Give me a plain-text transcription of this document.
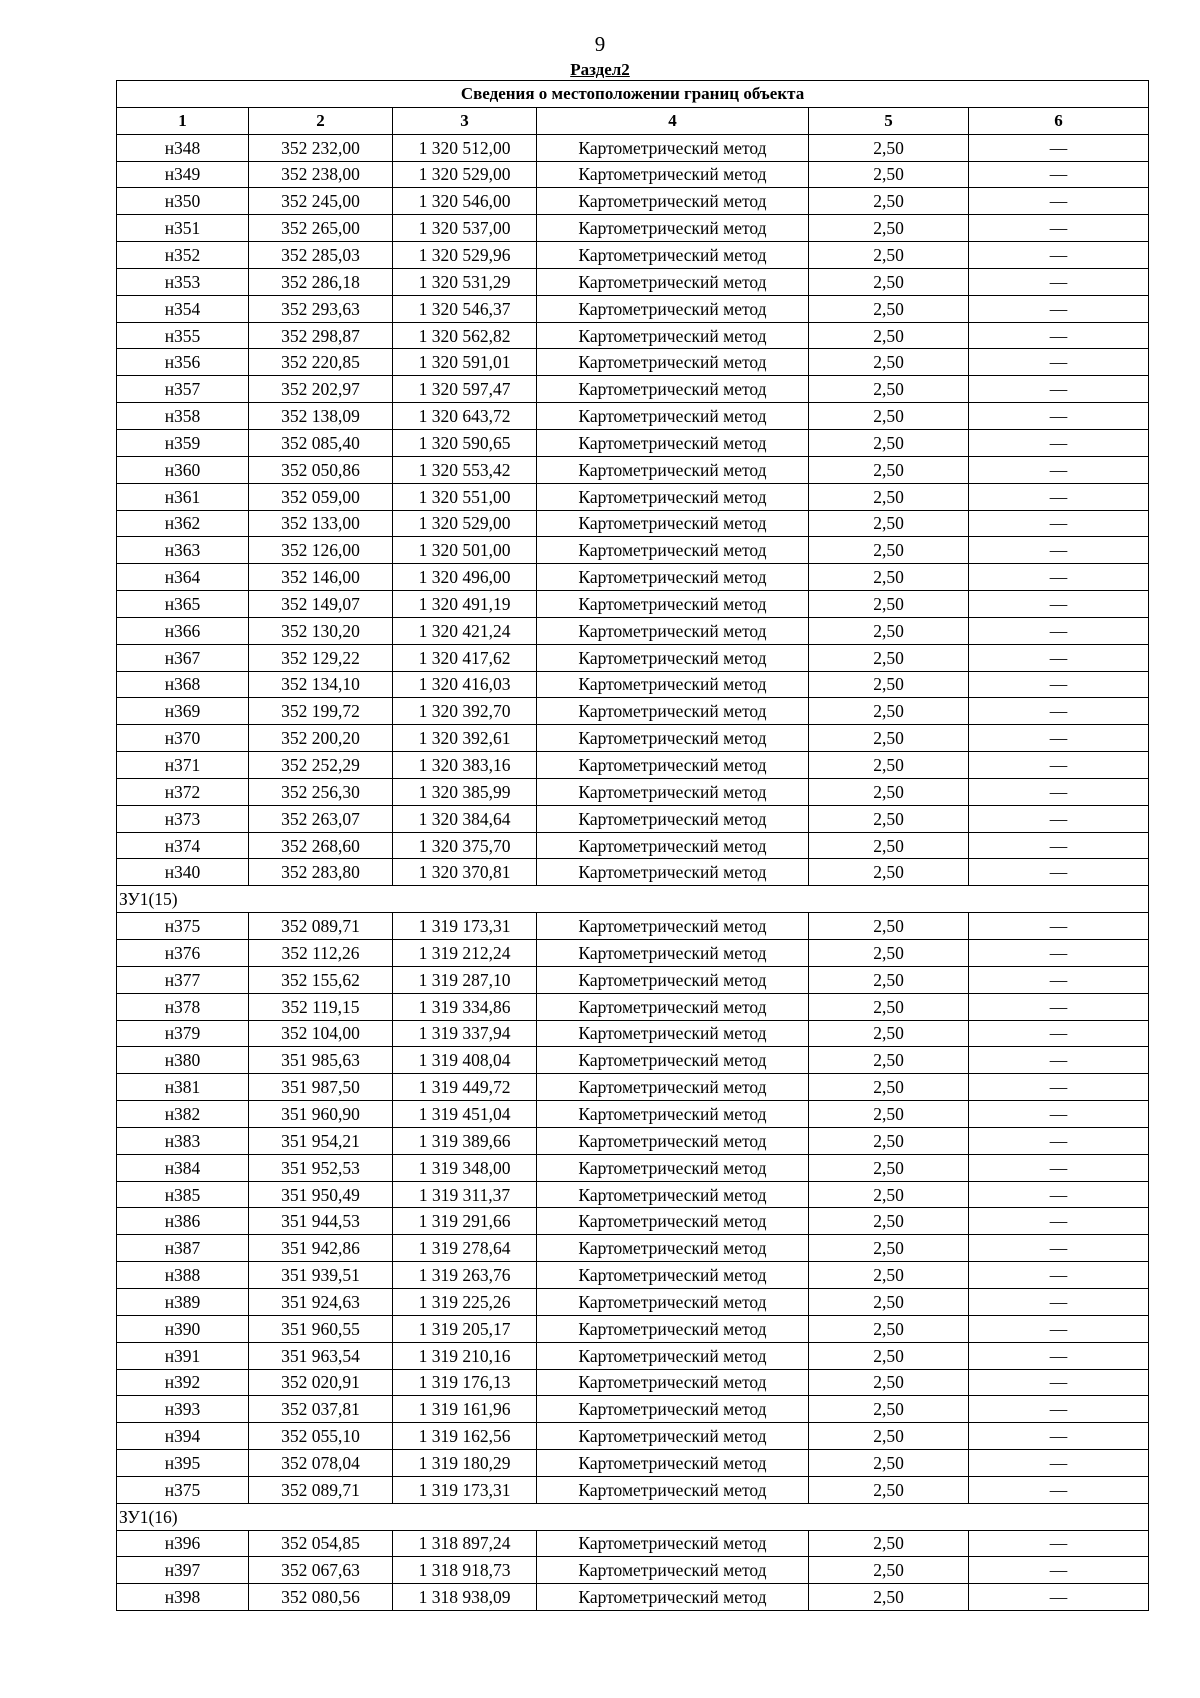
9
Раздел2
Сведения о местоположении границ объекта					
1	2	3	4	5	6
н348	352 232,00	1 320 512,00	Картометрический метод	2,50	—
н349	352 238,00	1 320 529,00	Картометрический метод	2,50	—
н350	352 245,00	1 320 546,00	Картометрический метод	2,50	—
н351	352 265,00	1 320 537,00	Картометрический метод	2,50	—
н352	352 285,03	1 320 529,96	Картометрический метод	2,50	—
н353	352 286,18	1 320 531,29	Картометрический метод	2,50	—
н354	352 293,63	1 320 546,37	Картометрический метод	2,50	—
н355	352 298,87	1 320 562,82	Картометрический метод	2,50	—
н356	352 220,85	1 320 591,01	Картометрический метод	2,50	—
н357	352 202,97	1 320 597,47	Картометрический метод	2,50	—
н358	352 138,09	1 320 643,72	Картометрический метод	2,50	—
н359	352 085,40	1 320 590,65	Картометрический метод	2,50	—
н360	352 050,86	1 320 553,42	Картометрический метод	2,50	—
н361	352 059,00	1 320 551,00	Картометрический метод	2,50	—
н362	352 133,00	1 320 529,00	Картометрический метод	2,50	—
н363	352 126,00	1 320 501,00	Картометрический метод	2,50	—
н364	352 146,00	1 320 496,00	Картометрический метод	2,50	—
н365	352 149,07	1 320 491,19	Картометрический метод	2,50	—
н366	352 130,20	1 320 421,24	Картометрический метод	2,50	—
н367	352 129,22	1 320 417,62	Картометрический метод	2,50	—
н368	352 134,10	1 320 416,03	Картометрический метод	2,50	—
н369	352 199,72	1 320 392,70	Картометрический метод	2,50	—
н370	352 200,20	1 320 392,61	Картометрический метод	2,50	—
н371	352 252,29	1 320 383,16	Картометрический метод	2,50	—
н372	352 256,30	1 320 385,99	Картометрический метод	2,50	—
н373	352 263,07	1 320 384,64	Картометрический метод	2,50	—
н374	352 268,60	1 320 375,70	Картометрический метод	2,50	—
н340	352 283,80	1 320 370,81	Картометрический метод	2,50	—
ЗУ1(15)					
н375	352 089,71	1 319 173,31	Картометрический метод	2,50	—
н376	352 112,26	1 319 212,24	Картометрический метод	2,50	—
н377	352 155,62	1 319 287,10	Картометрический метод	2,50	—
н378	352 119,15	1 319 334,86	Картометрический метод	2,50	—
н379	352 104,00	1 319 337,94	Картометрический метод	2,50	—
н380	351 985,63	1 319 408,04	Картометрический метод	2,50	—
н381	351 987,50	1 319 449,72	Картометрический метод	2,50	—
н382	351 960,90	1 319 451,04	Картометрический метод	2,50	—
н383	351 954,21	1 319 389,66	Картометрический метод	2,50	—
н384	351 952,53	1 319 348,00	Картометрический метод	2,50	—
н385	351 950,49	1 319 311,37	Картометрический метод	2,50	—
н386	351 944,53	1 319 291,66	Картометрический метод	2,50	—
н387	351 942,86	1 319 278,64	Картометрический метод	2,50	—
н388	351 939,51	1 319 263,76	Картометрический метод	2,50	—
н389	351 924,63	1 319 225,26	Картометрический метод	2,50	—
н390	351 960,55	1 319 205,17	Картометрический метод	2,50	—
н391	351 963,54	1 319 210,16	Картометрический метод	2,50	—
н392	352 020,91	1 319 176,13	Картометрический метод	2,50	—
н393	352 037,81	1 319 161,96	Картометрический метод	2,50	—
н394	352 055,10	1 319 162,56	Картометрический метод	2,50	—
н395	352 078,04	1 319 180,29	Картометрический метод	2,50	—
н375	352 089,71	1 319 173,31	Картометрический метод	2,50	—
ЗУ1(16)					
н396	352 054,85	1 318 897,24	Картометрический метод	2,50	—
н397	352 067,63	1 318 918,73	Картометрический метод	2,50	—
н398	352 080,56	1 318 938,09	Картометрический метод	2,50	—
